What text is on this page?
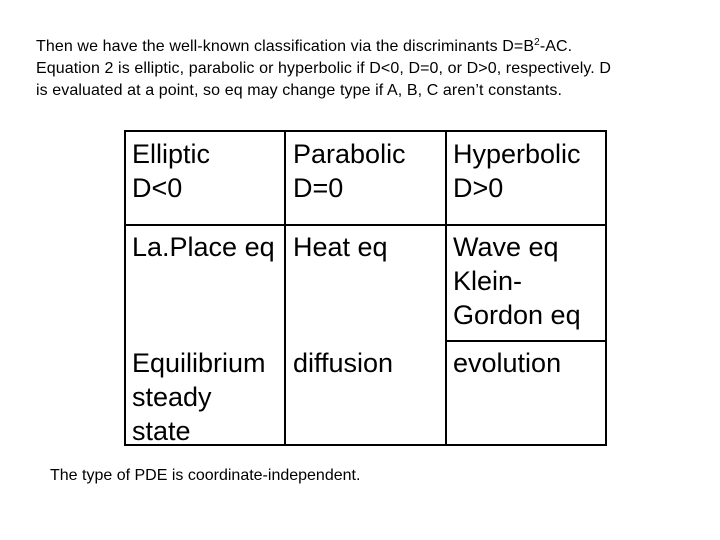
Then we have the well-known classification via the discriminants $D=B^2-AC$.
Equation 2 is elliptic, parabolic or hyperbolic if D<0, D=0, or D>0, respectively. D
is evaluated at a point, so eq may change type if A, B, C aren’t constants.
Elliptic
D<0
Parabolic
D=0
Hyperbolic
D>0
La.Place eq Heat eq Wave eq
Klein-
Gordon eq
Equilibrium
steady
state
diffusion evolution
The type of PDE is coordinate-independent.
